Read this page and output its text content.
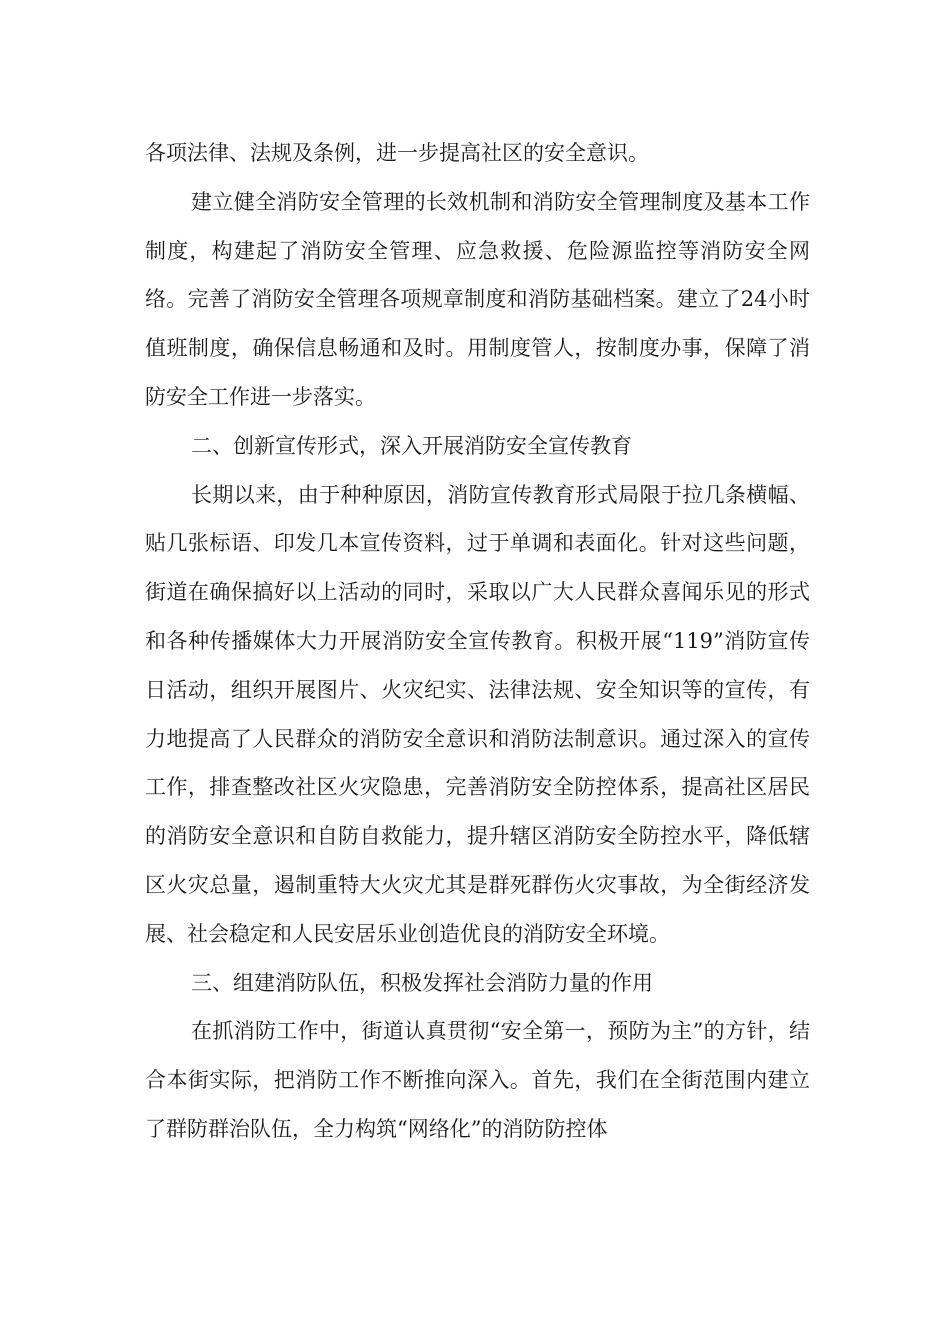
各项法律、法规及条例，进一步提高社区的安全意识。

建立健全消防安全管理的长效机制和消防安全管理制度及基本工作制度，构建起了消防安全管理、应急救援、危险源监控等消防安全网络。完善了消防安全管理各项规章制度和消防基础档案。建立了24小时值班制度，确保信息畅通和及时。用制度管人，按制度办事，保障了消防安全工作进一步落实。

二、创新宣传形式，深入开展消防安全宣传教育

长期以来，由于种种原因，消防宣传教育形式局限于拉几条横幅、贴几张标语、印发几本宣传资料，过于单调和表面化。针对这些问题，街道在确保搞好以上活动的同时，采取以广大人民群众喜闻乐见的形式和各种传播媒体大力开展消防安全宣传教育。积极开展“119”消防宣传日活动，组织开展图片、火灾纪实、法律法规、安全知识等的宣传，有力地提高了人民群众的消防安全意识和消防法制意识。通过深入的宣传工作，排查整改社区火灾隐患，完善消防安全防控体系，提高社区居民的消防安全意识和自防自救能力，提升辖区消防安全防控水平，降低辖区火灾总量，遏制重特大火灾尤其是群死群伤火灾事故，为全街经济发展、社会稳定和人民安居乐业创造优良的消防安全环境。

三、组建消防队伍，积极发挥社会消防力量的作用

在抓消防工作中，街道认真贯彻“安全第一，预防为主”的方针，结合本街实际，把消防工作不断推向深入。首先，我们在全街范围内建立了群防群治队伍，全力构筑“网络化”的消防防控体
